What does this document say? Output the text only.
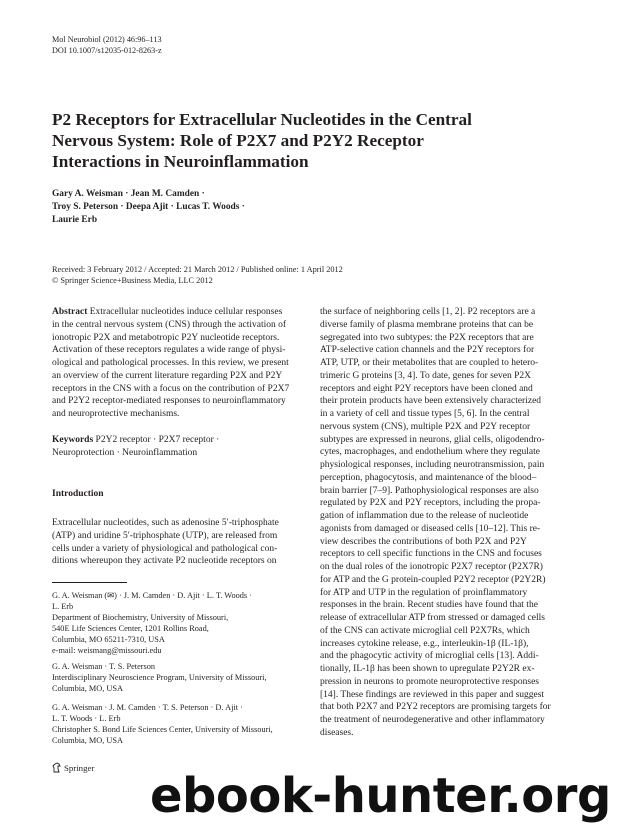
Mol Neurobiol (2012) 46:96–113
DOI 10.1007/s12035-012-8263-z
P2 Receptors for Extracellular Nucleotides in the Central
Nervous System: Role of P2X7 and P2Y2 Receptor
Interactions in Neuroinflammation
Gary A. Weisman · Jean M. Camden ·
Troy S. Peterson · Deepa Ajit · Lucas T. Woods ·
Laurie Erb
Received: 3 February 2012 / Accepted: 21 March 2012 / Published online: 1 April 2012
© Springer Science+Business Media, LLC 2012
Abstract Extracellular nucleotides induce cellular responses
in the central nervous system (CNS) through the activation of
ionotropic P2X and metabotropic P2Y nucleotide receptors.
Activation of these receptors regulates a wide range of physi-
ological and pathological processes. In this review, we present
an overview of the current literature regarding P2X and P2Y
receptors in the CNS with a focus on the contribution of P2X7
and P2Y2 receptor-mediated responses to neuroinflammatory
and neuroprotective mechanisms.
Keywords P2Y2 receptor · P2X7 receptor ·
Neuroprotection · Neuroinflammation
Introduction
Extracellular nucleotides, such as adenosine 5′-triphosphate
(ATP) and uridine 5′-triphosphate (UTP), are released from
cells under a variety of physiological and pathological con-
ditions whereupon they activate P2 nucleotide receptors on
G. A. Weisman (✉) · J. M. Camden · D. Ajit · L. T. Woods ·
L. Erb
Department of Biochemistry, University of Missouri,
540E Life Sciences Center, 1201 Rollins Road,
Columbia, MO 65211-7310, USA
e-mail: weismang@missouri.edu
G. A. Weisman · T. S. Peterson
Interdisciplinary Neuroscience Program, University of Missouri,
Columbia, MO, USA
G. A. Weisman · J. M. Camden · T. S. Peterson · D. Ajit ·
L. T. Woods · L. Erb
Christopher S. Bond Life Sciences Center, University of Missouri,
Columbia, MO, USA
the surface of neighboring cells [1, 2]. P2 receptors are a
diverse family of plasma membrane proteins that can be
segregated into two subtypes: the P2X receptors that are
ATP-selective cation channels and the P2Y receptors for
ATP, UTP, or their metabolites that are coupled to hetero-
trimeric G proteins [3, 4]. To date, genes for seven P2X
receptors and eight P2Y receptors have been cloned and
their protein products have been extensively characterized
in a variety of cell and tissue types [5, 6]. In the central
nervous system (CNS), multiple P2X and P2Y receptor
subtypes are expressed in neurons, glial cells, oligodendro-
cytes, macrophages, and endothelium where they regulate
physiological responses, including neurotransmission, pain
perception, phagocytosis, and maintenance of the blood–
brain barrier [7–9]. Pathophysiological responses are also
regulated by P2X and P2Y receptors, including the propa-
gation of inflammation due to the release of nucleotide
agonists from damaged or diseased cells [10–12]. This re-
view describes the contributions of both P2X and P2Y
receptors to cell specific functions in the CNS and focuses
on the dual roles of the ionotropic P2X7 receptor (P2X7R)
for ATP and the G protein-coupled P2Y2 receptor (P2Y2R)
for ATP and UTP in the regulation of proinflammatory
responses in the brain. Recent studies have found that the
release of extracellular ATP from stressed or damaged cells
of the CNS can activate microglial cell P2X7Rs, which
increases cytokine release, e.g., interleukin-1β (IL-1β),
and the phagocytic activity of microglial cells [13]. Addi-
tionally, IL-1β has been shown to upregulate P2Y2R ex-
pression in neurons to promote neuroprotective responses
[14]. These findings are reviewed in this paper and suggest
that both P2X7 and P2Y2 receptors are promising targets for
the treatment of neurodegenerative and other inflammatory
diseases.
Springer
ebook-hunter.org
